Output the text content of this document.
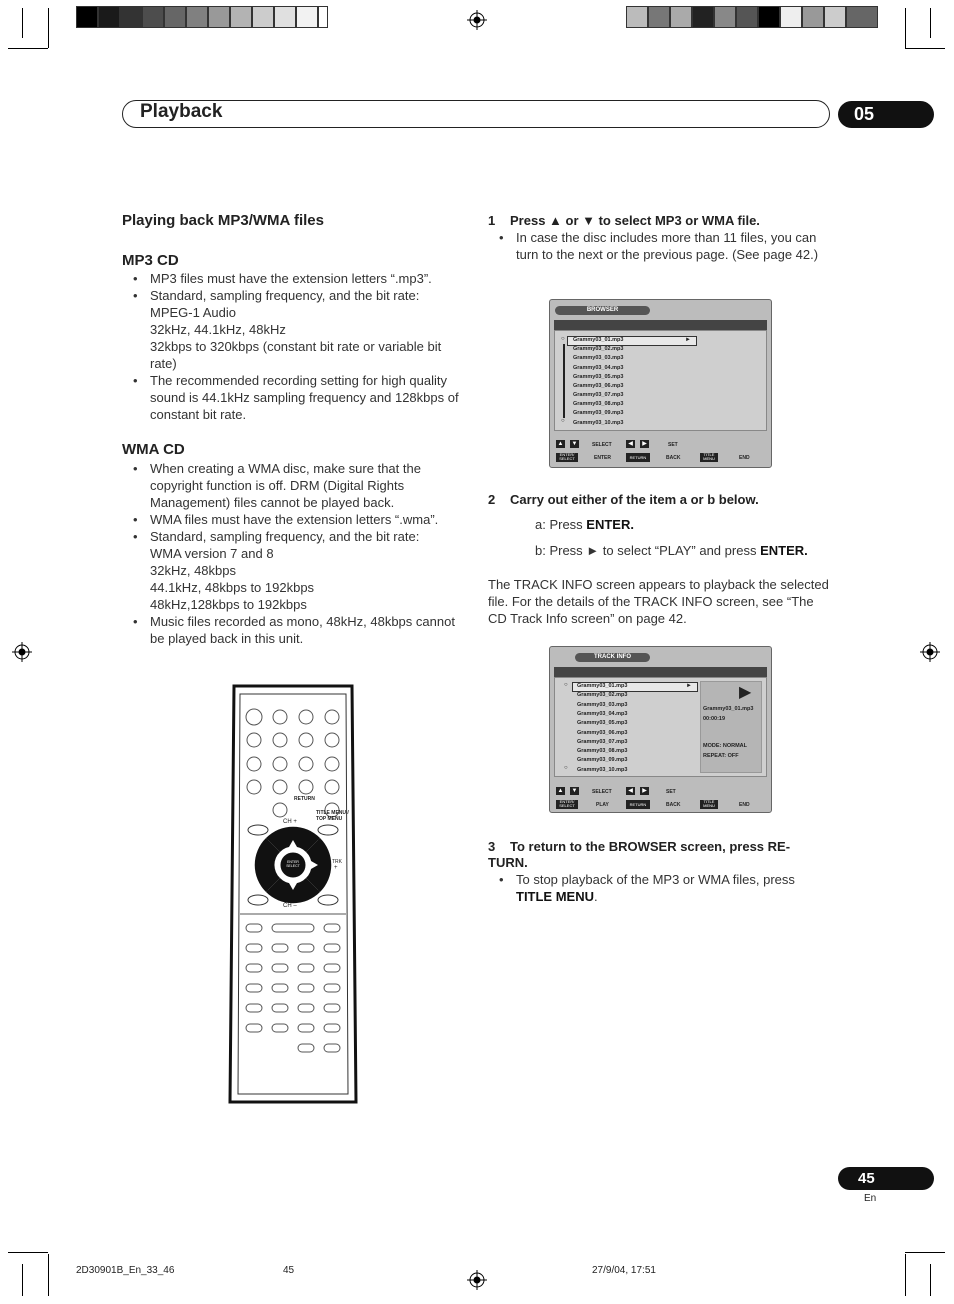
Playback	05
Playing back MP3/WMA files
MP3 CD
• MP3 files must have the extension letters “.mp3”.
• Standard, sampling frequency, and the bit rate:
MPEG-1 Audio
32kHz, 44.1kHz, 48kHz
32kbps to 320kbps (constant bit rate or variable bit rate)
• The recommended recording setting for high quality sound is 44.1kHz sampling frequency and 128kbps of constant bit rate.
WMA CD
• When creating a WMA disc, make sure that the copyright function is off. DRM (Digital Rights Management) files cannot be played back.
• WMA files must have the extension letters “.wma”.
• Standard, sampling frequency, and the bit rate:
WMA version 7 and 8
32kHz, 48kbps
44.1kHz, 48kbps to 192kbps
48kHz,128kbps to 192kbps
• Music files recorded as mono, 48kHz, 48kbps cannot be played back in this unit.
RETURN
TITLE MENU / TOP MENU
CH +
CH –
TRK
+
ENTER SELECT
1 Press ▲ or ▼ to select MP3 or WMA file.
• In case the disc includes more than 11 files, you can turn to the next or the previous page. (See page 42.)
BROWSER
►
○
○
Grammy03_01.mp3
Grammy03_02.mp3
Grammy03_03.mp3
Grammy03_04.mp3
Grammy03_05.mp3
Grammy03_06.mp3
Grammy03_07.mp3
Grammy03_08.mp3
Grammy03_09.mp3
Grammy03_10.mp3
▲ ▼	SELECT	◀	▶	SET
ENTER/ SELECT	ENTER	RETURN	BACK
TITLE MENU	END
2 Carry out either of the item a or b below.
a: Press ENTER.
b: Press ► to select “PLAY” and press ENTER.
The TRACK INFO screen appears to playback the selected file. For the details of the TRACK INFO screen, see “The CD Track Info screen” on page 42.
TRACK INFO
►
○
○
Grammy03_01.mp3
Grammy03_02.mp3
Grammy03_03.mp3
Grammy03_04.mp3
Grammy03_05.mp3
Grammy03_06.mp3
Grammy03_07.mp3
Grammy03_08.mp3
Grammy03_09.mp3
Grammy03_10.mp3
▶
Grammy03_01.mp3
00:00:19
MODE: NORMAL
REPEAT: OFF
▲ ▼	SELECT	◀	▶	SET
ENTER/ SELECT	PLAY	RETURN	BACK
TITLE MENU	END
3	To return to the BROWSER screen, press RE-TURN.
• To stop playback of the MP3 or WMA files, press TITLE MENU.
45
En
2D30901B_En_33_46	45	27/9/04, 17:51
